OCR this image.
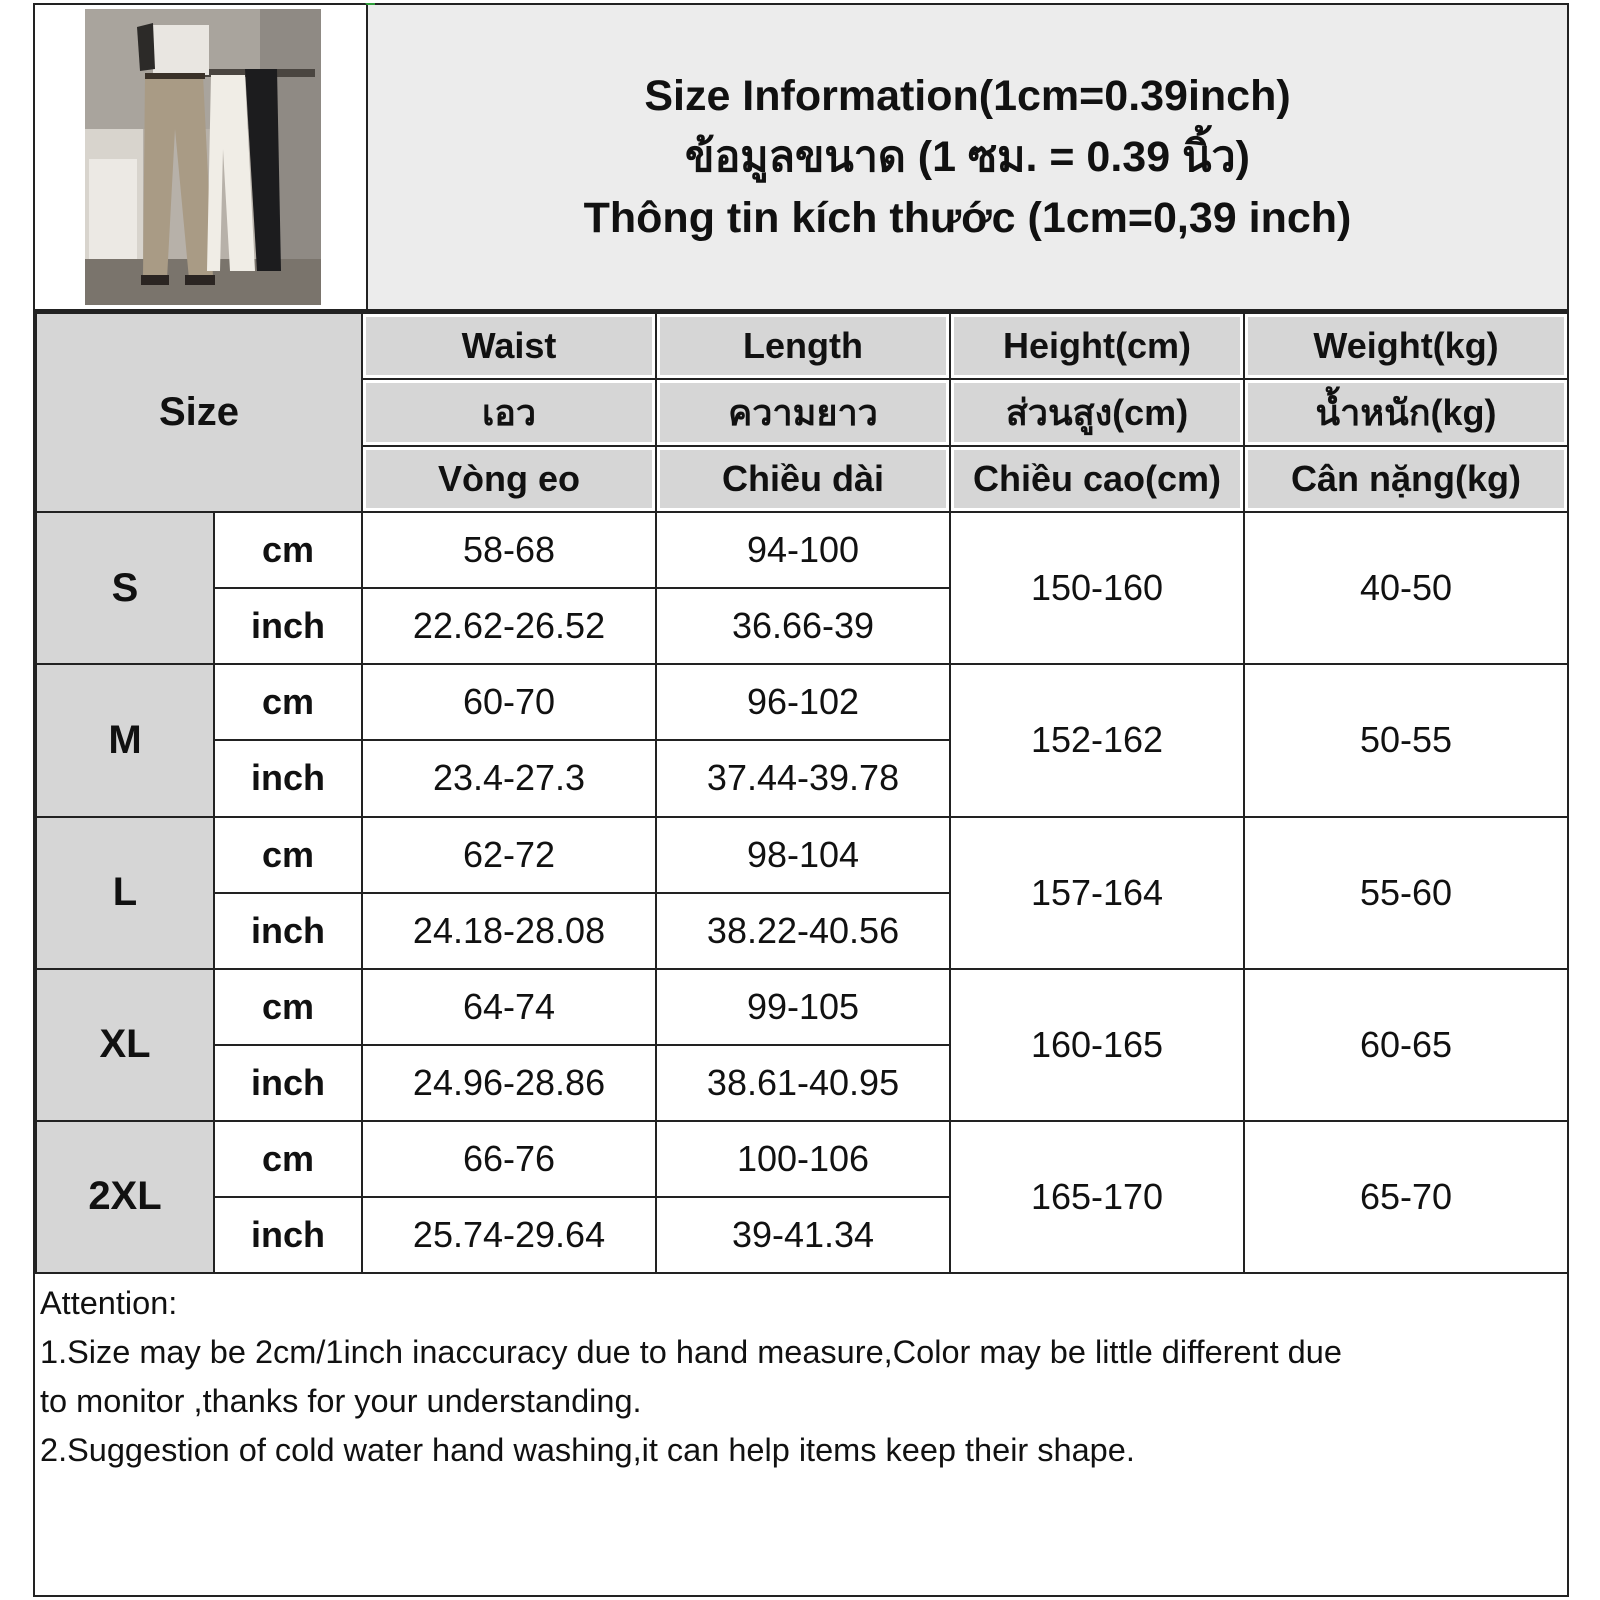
Size Information(1cm=0.39inch)
ข้อมูลขนาด (1 ซม. = 0.39 นิ้ว)
Thông tin kích thước (1cm=0,39 inch)
Size		Waist	Length	Height(cm)	Weight(kg)
		เอว	ความยาว	ส่วนสูง(cm)	น้ำหนัก(kg)
		Vòng eo	Chiều dài	Chiều cao(cm)	Cân nặng(kg)
S	cm	58-68	94-100	150-160	40-50
	inch	22.62-26.52	36.66-39		
M	cm	60-70	96-102	152-162	50-55
	inch	23.4-27.3	37.44-39.78		
L	cm	62-72	98-104	157-164	55-60
	inch	24.18-28.08	38.22-40.56		
XL	cm	64-74	99-105	160-165	60-65
	inch	24.96-28.86	38.61-40.95		
2XL	cm	66-76	100-106	165-170	65-70
	inch	25.74-29.64	39-41.34		
Attention:
1.Size may be 2cm/1inch inaccuracy due to hand measure,Color may be little different due
to monitor ,thanks for your understanding.
2.Suggestion of cold water hand washing,it can help items keep their shape.
